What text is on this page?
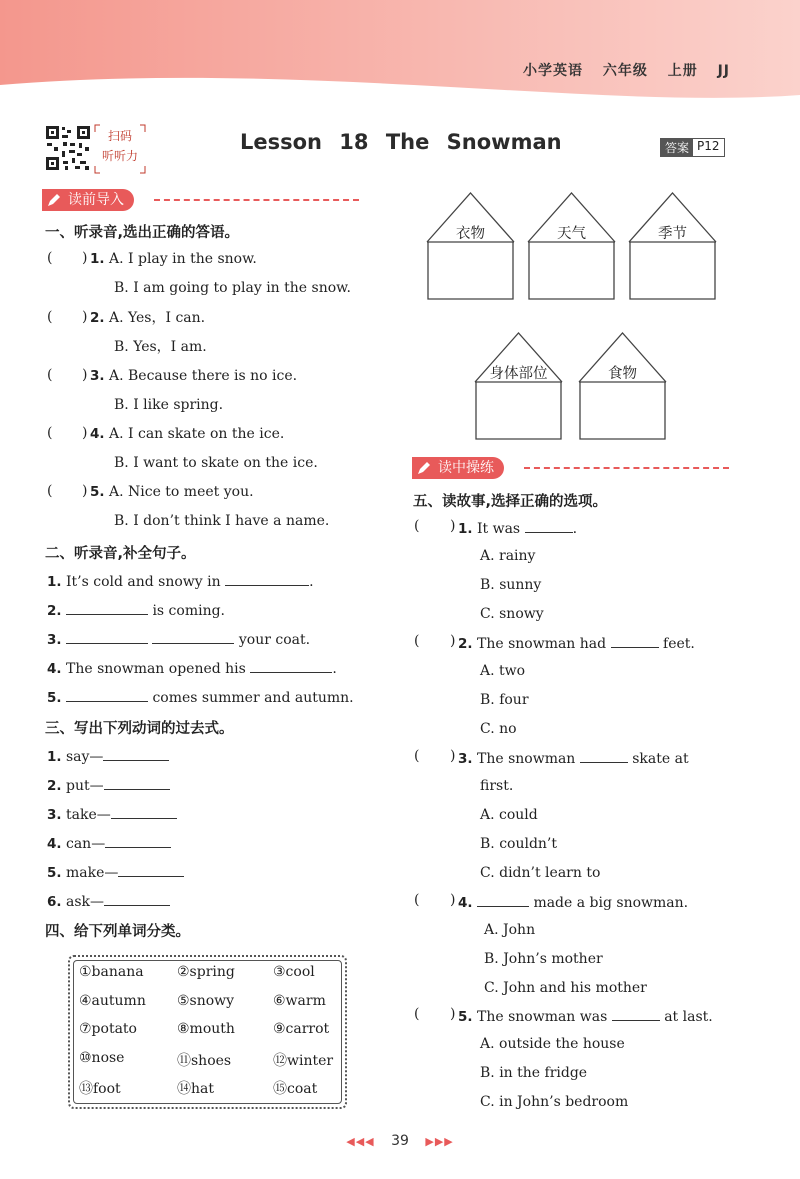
小学英语 六年级 上册 JJ
扫码
听听力
Lesson 18 The Snowman	答案 P12
读前导入
一、听录音,选出正确的答语。
( ) 1. A. I play in the snow.
B. I am going to play in the snow.
( ) 2. A. Yes，I can.
B. Yes，I am.
( ) 3. A. Because there is no ice.
B. I like spring.
( ) 4. A. I can skate on the ice.
B. I want to skate on the ice.
( ) 5. A. Nice to meet you.
B. I don’t think I have a name.
二、听录音,补全句子。
1. It’s cold and snowy in	.
2.	is coming.
3.	your coat.
4. The snowman opened his	.
5.	comes summer and autumn.
三、写出下列动词的过去式。
1. say—
2. put—
3. take—
4. can—
5. make—
6. ask—
四、给下列单词分类。
①banana ②spring	③cool
④autumn ⑤snowy	⑥warm
⑦potato	⑧mouth	⑨carrot
⑩nose	⑪shoes	⑫winter
⑬foot	⑭hat	⑮coat
衣物	天气	季节
身体部位	食物
读中操练
五、读故事,选择正确的选项。
( ) 1. It was	.
A. rainy
B. sunny
C. snowy
( ) 2. The snowman had	feet.
A. two
B. four
C. no
( ) 3. The snowman	skate at
first.
A. could
B. couldn’t
C. didn’t learn to
( ) 4.	made a big snowman.
A. John
B. John’s mother
C. John and his mother
( ) 5. The snowman was	at last.
A. outside the house
B. in the fridge
C. in John’s bedroom
◀◀◀ 39 ▶▶▶
